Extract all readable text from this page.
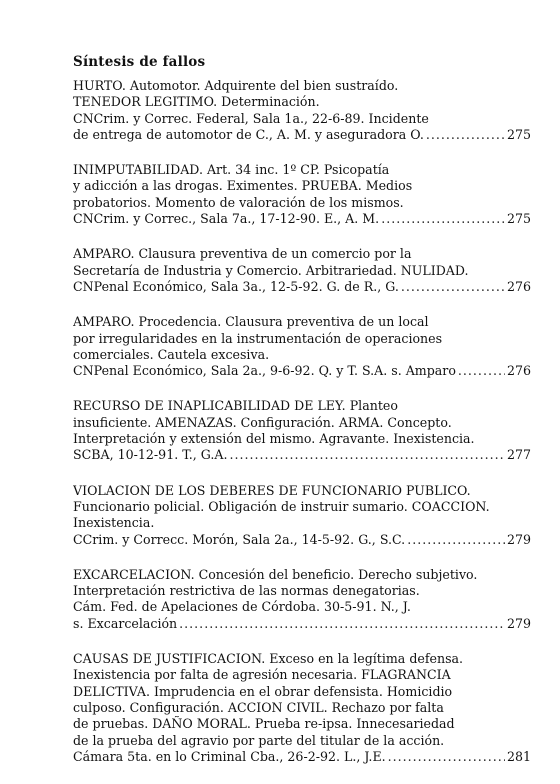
Síntesis de fallos
HURTO. Automotor. Adquirente del bien sustraído.
TENEDOR LEGITIMO. Determinación.
CNCrim. y Correc. Federal, Sala 1a., 22-6-89. Incidente
de entrega de automotor de C., A. M. y aseguradora O. .....	275
INIMPUTABILIDAD. Art. 34 inc. 1º CP. Psicopatía
y adicción a las drogas. Eximentes. PRUEBA. Medios
probatorios. Momento de valoración de los mismos.
CNCrim. y Correc., Sala 7a., 17-12-90. E., A. M. .....	275
AMPARO. Clausura preventiva de un comercio por la
Secretaría de Industria y Comercio. Arbitrariedad. NULIDAD.
CNPenal Económico, Sala 3a., 12-5-92. G. de R., G. .....	276
AMPARO. Procedencia. Clausura preventiva de un local
por irregularidades en la instrumentación de operaciones
comerciales. Cautela excesiva.
CNPenal Económico, Sala 2a., 9-6-92. Q. y T. S.A. s. Amparo .....	276
RECURSO DE INAPLICABILIDAD DE LEY. Planteo
insuficiente. AMENAZAS. Configuración. ARMA. Concepto.
Interpretación y extensión del mismo. Agravante. Inexistencia.
SCBA, 10-12-91. T., G.A. .....	277
VIOLACION DE LOS DEBERES DE FUNCIONARIO PUBLICO.
Funcionario policial. Obligación de instruir sumario. COACCION.
Inexistencia.
CCrim. y Correcc. Morón, Sala 2a., 14-5-92. G., S.C. .....	279
EXCARCELACION. Concesión del beneficio. Derecho subjetivo.
Interpretación restrictiva de las normas denegatorias.
Cám. Fed. de Apelaciones de Córdoba. 30-5-91. N., J.
s. Excarcelación .....	279
CAUSAS DE JUSTIFICACION. Exceso en la legítima defensa.
Inexistencia por falta de agresión necesaria. FLAGRANCIA
DELICTIVA. Imprudencia en el obrar defensista. Homicidio
culposo. Configuración. ACCION CIVIL. Rechazo por falta
de pruebas. DAÑO MORAL. Prueba re-ipsa. Innecesariedad
de la prueba del agravio por parte del titular de la acción.
Cámara 5ta. en lo Criminal Cba., 26-2-92. L., J.E. .....	281
